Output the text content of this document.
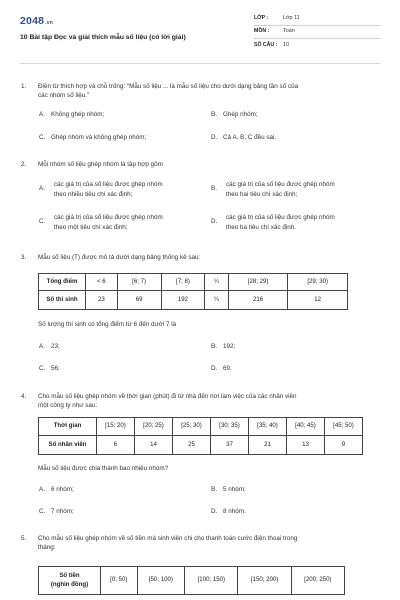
2048.vn
10 Bài tập Đọc và giải thích mẫu số liệu (có lời giải)
LỚP :	Lớp 11
MÔN :	Toán
SỐ CÂU :	10
1. Điền từ thích hợp và chỗ trống: "Mẫu số liệu ... là mẫu số liệu cho dưới dạng bảng tần số của
các nhóm số liệu."
A. Không ghép nhóm;	B. Ghép nhóm;
C. Ghép nhóm và không ghép nhóm;	D. Cả A, B, C đều sai.
2. Mỗi nhóm số liệu ghép nhóm là tập hợp gồm
A.
các giá trị của số liệu được ghép nhóm
theo nhiều tiêu chí xác định;
B.
các giá trị của số liệu được ghép nhóm
theo hai tiêu chí xác định;
C.
các giá trị của số liệu được ghép nhóm
theo một tiêu chí xác định;
D.
các giá trị của số liệu được ghép nhóm
theo ba tiêu chí xác định.
3. Mẫu số liệu (T) được mô tả dưới dạng bảng thống kê sau:
Tổng điểm	< 6	[6; 7)	[7; 8)	¼	[28; 29)	[29; 30)
Số thí sinh	23	69	192	¼	216	12
Số lượng thí sinh có tổng điểm từ 6 đến dưới 7 là
A. 23;	B. 192;
C. 56;	D. 69.
4. Cho mẫu số liệu ghép nhóm về thời gian (phút) đi từ nhà đến nơi làm việc của các nhân viên
một công ty như sau:
Thời gian	[15; 20)	[20; 25)	[25; 30)	[30; 35)	[35; 40)	[40; 45)	[45; 50)
Số nhân viên	6	14	25	37	21	13	9
Mẫu số liệu được chia thành bao nhiêu nhóm?
A. 6 nhóm;	B. 5 nhóm;
C. 7 nhóm;	D. 8 nhóm.
5. Cho mẫu số liệu ghép nhóm về số tiền mà sinh viên chi cho thanh toán cước điện thoại trong
tháng:
Số tiền
(nghìn đồng)
	[0; 50)	[50; 100)	[100; 150)	[150; 200)	[200; 250)
